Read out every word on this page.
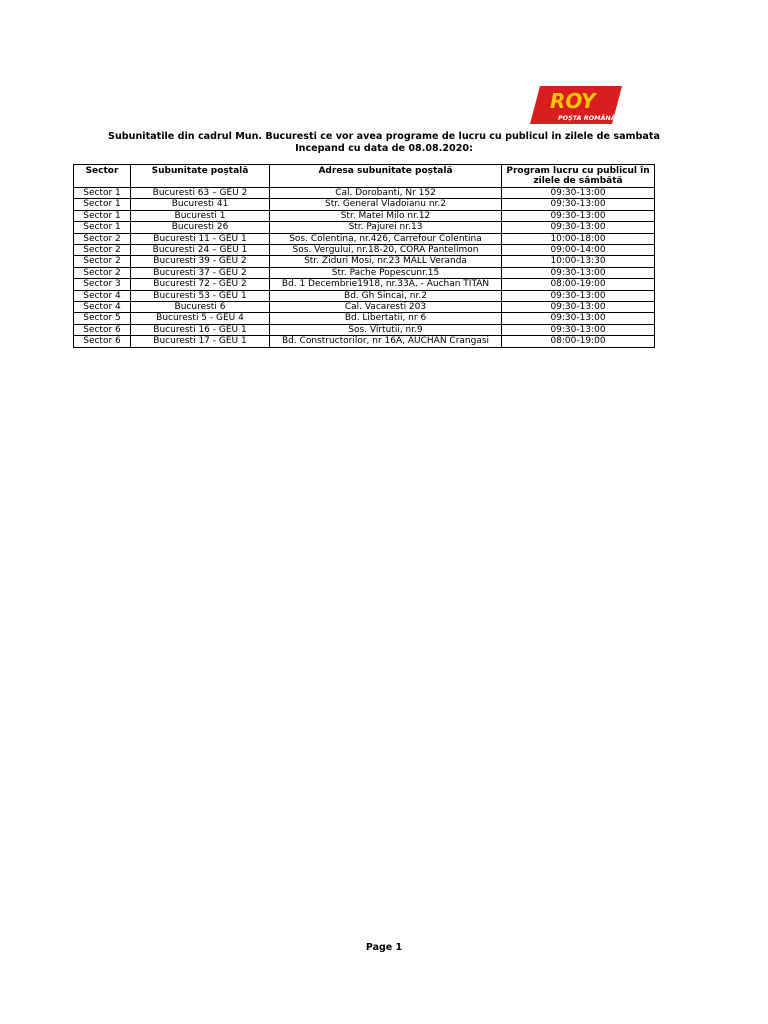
ROY
POȘTA ROMÂNĂ
Subunitatile din cadrul Mun. Bucuresti ce vor avea programe de lucru cu publicul in zilele de sambata
Incepand cu data de 08.08.2020:
Sector	Subunitate poștală	Adresa subunitate poștală	Program lucru cu publicul în zilele de sâmbătă
Sector 1	Bucuresti 63 – GEU 2	Cal. Dorobanti, Nr 152	09:30-13:00
Sector 1	Bucuresti 41	Str. General Vladoianu nr.2	09:30-13:00
Sector 1	Bucuresti 1	Str. Matei Milo nr.12	09:30-13:00
Sector 1	Bucuresti 26	Str. Pajurei nr.13	09:30-13:00
Sector 2	Bucuresti 11 - GEU 1	Sos. Colentina, nr.426, Carrefour Colentina	10:00-18:00
Sector 2	Bucuresti 24 – GEU 1	Sos. Vergului, nr.18-20, CORA Pantelimon	09:00-14:00
Sector 2	Bucuresti 39 - GEU 2	Str. Ziduri Mosi, nr.23 MALL Veranda	10:00-13:30
Sector 2	Bucuresti 37 - GEU 2	Str. Pache Popescunr.15	09:30-13:00
Sector 3	Bucuresti 72 - GEU 2	Bd. 1 Decembrie1918, nr.33A, - Auchan TITAN	08:00-19:00
Sector 4	Bucuresti 53 - GEU 1	Bd. Gh Sincai, nr.2	09:30-13:00
Sector 4	Bucuresti 6	Cal. Vacaresti 203	09:30-13:00
Sector 5	Bucuresti 5 - GEU 4	Bd. Libertatii, nr 6	09:30-13:00
Sector 6	Bucuresti 16 - GEU 1	Sos. Virtutii, nr.9	09:30-13:00
Sector 6	Bucuresti 17 - GEU 1	Bd. Constructorilor, nr 16A, AUCHAN Crangasi	08:00-19:00
Page 1
